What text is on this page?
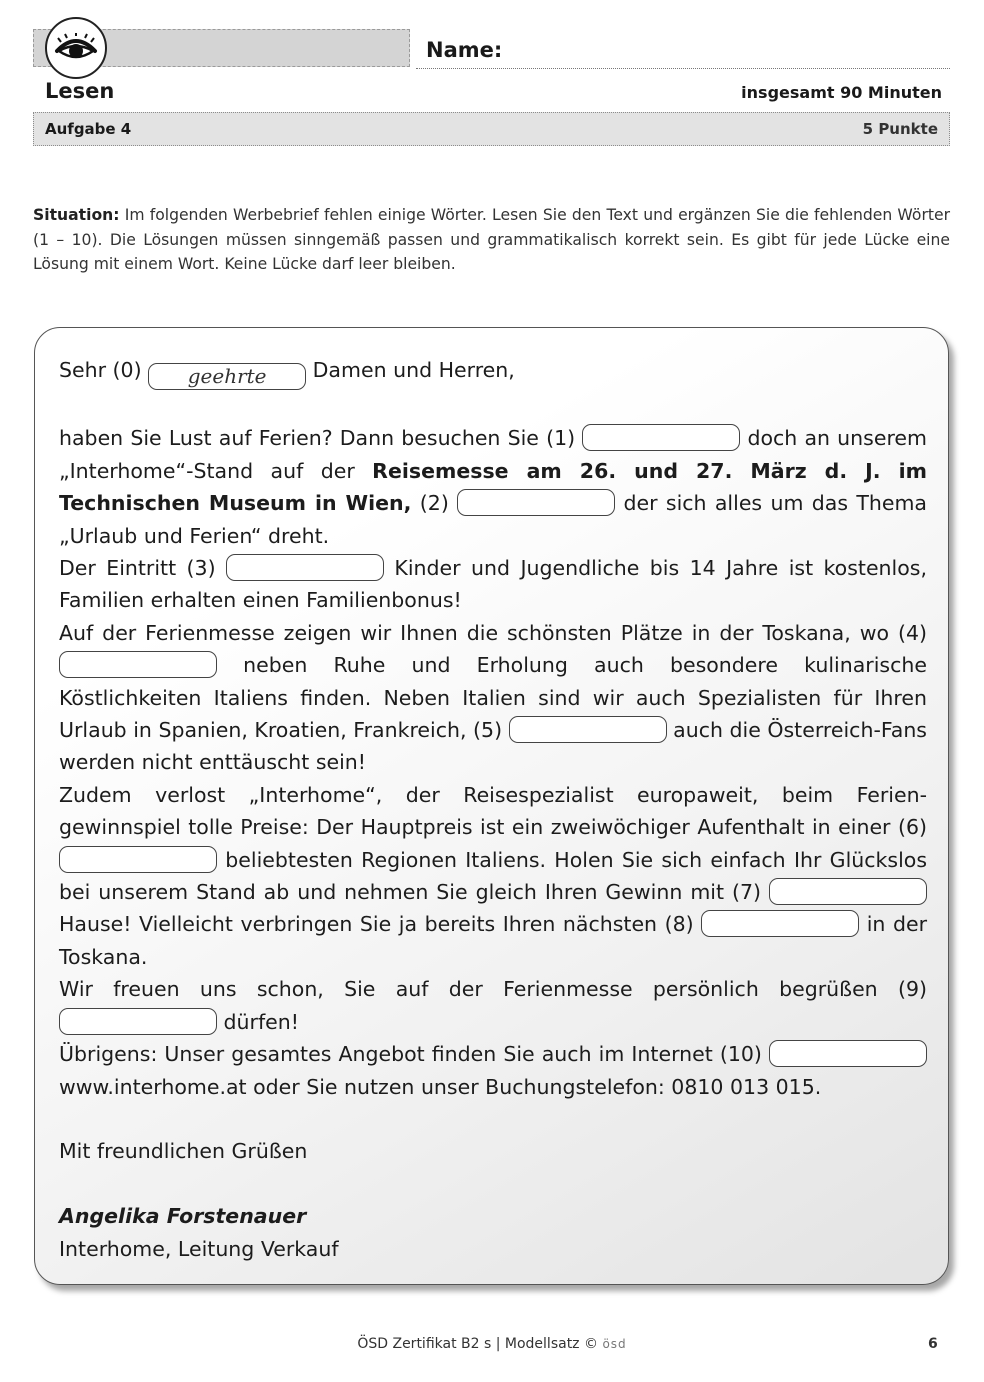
Name:
Lesen	insgesamt 90 Minuten
Aufgabe 4	5 Punkte
Situation: Im folgenden Werbebrief fehlen einige Wörter. Lesen Sie den Text und ergänzen Sie die fehlenden Wörter (1 – 10). Die Lösungen müssen sinngemäß passen und grammatikalisch korrekt sein. Es gibt für jede Lücke eine Lösung mit einem Wort. Keine Lücke darf leer bleiben.

Sehr (0) geehrte Damen und Herren,

haben Sie Lust auf Ferien? Dann besuchen Sie (1)	doch an unserem „Interhome“-Stand auf der Reisemesse am 26. und 27. März d. J. im Technischen Museum in Wien, (2)	der sich alles um das Thema „Urlaub und Ferien“ dreht.

Der Eintritt (3)	Kinder und Jugendliche bis 14 Jahre ist kostenlos, Familien erhalten einen Familienbonus!

Auf der Ferienmesse zeigen wir Ihnen die schönsten Plätze in der Toskana, wo (4)  neben Ruhe und Erholung auch besondere kulinarische Köstlichkeiten Italiens finden. Neben Italien sind wir auch Spezialisten für Ihren Urlaub in Spanien, Kroatien, Frankreich, (5)	auch die Österreich-Fans werden nicht enttäuscht sein!

Zudem verlost „Interhome“, der Reisespezialist europaweit, beim Ferien-gewinnspiel tolle Preise: Der Hauptpreis ist ein zweiwöchiger Aufenthalt in einer (6)  beliebtesten Regionen Italiens. Holen Sie sich einfach Ihr Glückslos bei unserem Stand ab und nehmen Sie gleich Ihren Gewinn mit (7)  Hause! Vielleicht verbringen Sie ja bereits Ihren nächsten (8)	in der Toskana.

Wir freuen uns schon, Sie auf der Ferienmesse persönlich begrüßen (9)  dürfen!

Übrigens: Unser gesamtes Angebot finden Sie auch im Internet (10)  www.interhome.at oder Sie nutzen unser Buchungstelefon: 0810 013 015.

Mit freundlichen Grüßen

Angelika Forstenauer

Interhome, Leitung Verkauf

ÖSD Zertifikat B2 s | Modellsatz © ösd	6
